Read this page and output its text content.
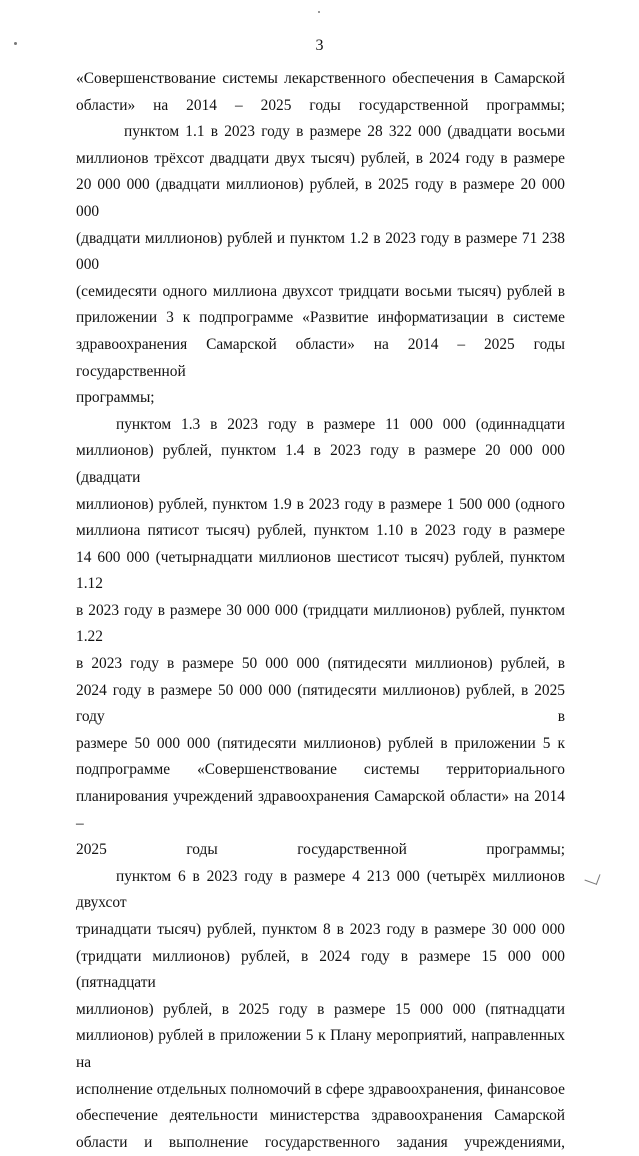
3

«Совершенствование системы лекарственного обеспечения в Самарской
области» на 2014 – 2025 годы государственной программы;

пунктом 1.1 в 2023 году в размере 28 322 000 (двадцати восьми
миллионов трёхсот двадцати двух тысяч) рублей, в 2024 году в размере
20 000 000 (двадцати миллионов) рублей, в 2025 году в размере 20 000 000
(двадцати миллионов) рублей и пунктом 1.2 в 2023 году в размере 71 238 000
(семидесяти одного миллиона двухсот тридцати восьми тысяч) рублей в
приложении 3 к подпрограмме «Развитие информатизации в системе
здравоохранения Самарской области» на 2014 – 2025 годы государственной
программы;

пунктом 1.3 в 2023 году в размере 11 000 000 (одиннадцати
миллионов) рублей, пунктом 1.4 в 2023 году в размере 20 000 000 (двадцати
миллионов) рублей, пунктом 1.9 в 2023 году в размере 1 500 000 (одного
миллиона пятисот тысяч) рублей, пунктом 1.10 в 2023 году в размере
14 600 000 (четырнадцати миллионов шестисот тысяч) рублей, пунктом 1.12
в 2023 году в размере 30 000 000 (тридцати миллионов) рублей, пунктом 1.22
в 2023 году в размере 50 000 000 (пятидесяти миллионов) рублей, в
2024 году в размере 50 000 000 (пятидесяти миллионов) рублей, в 2025 году в
размере 50 000 000 (пятидесяти миллионов) рублей в приложении 5 к
подпрограмме «Совершенствование системы территориального
планирования учреждений здравоохранения Самарской области» на 2014 –
2025 годы государственной программы;

пунктом 6 в 2023 году в размере 4 213 000 (четырёх миллионов двухсот
тринадцати тысяч) рублей, пунктом 8 в 2023 году в размере 30 000 000
(тридцати миллионов) рублей, в 2024 году в размере 15 000 000 (пятнадцати
миллионов) рублей, в 2025 году в размере 15 000 000 (пятнадцати
миллионов) рублей в приложении 5 к Плану мероприятий, направленных на
исполнение отдельных полномочий в сфере здравоохранения, финансовое
обеспечение деятельности министерства здравоохранения Самарской
области и выполнение государственного задания учреждениями,
